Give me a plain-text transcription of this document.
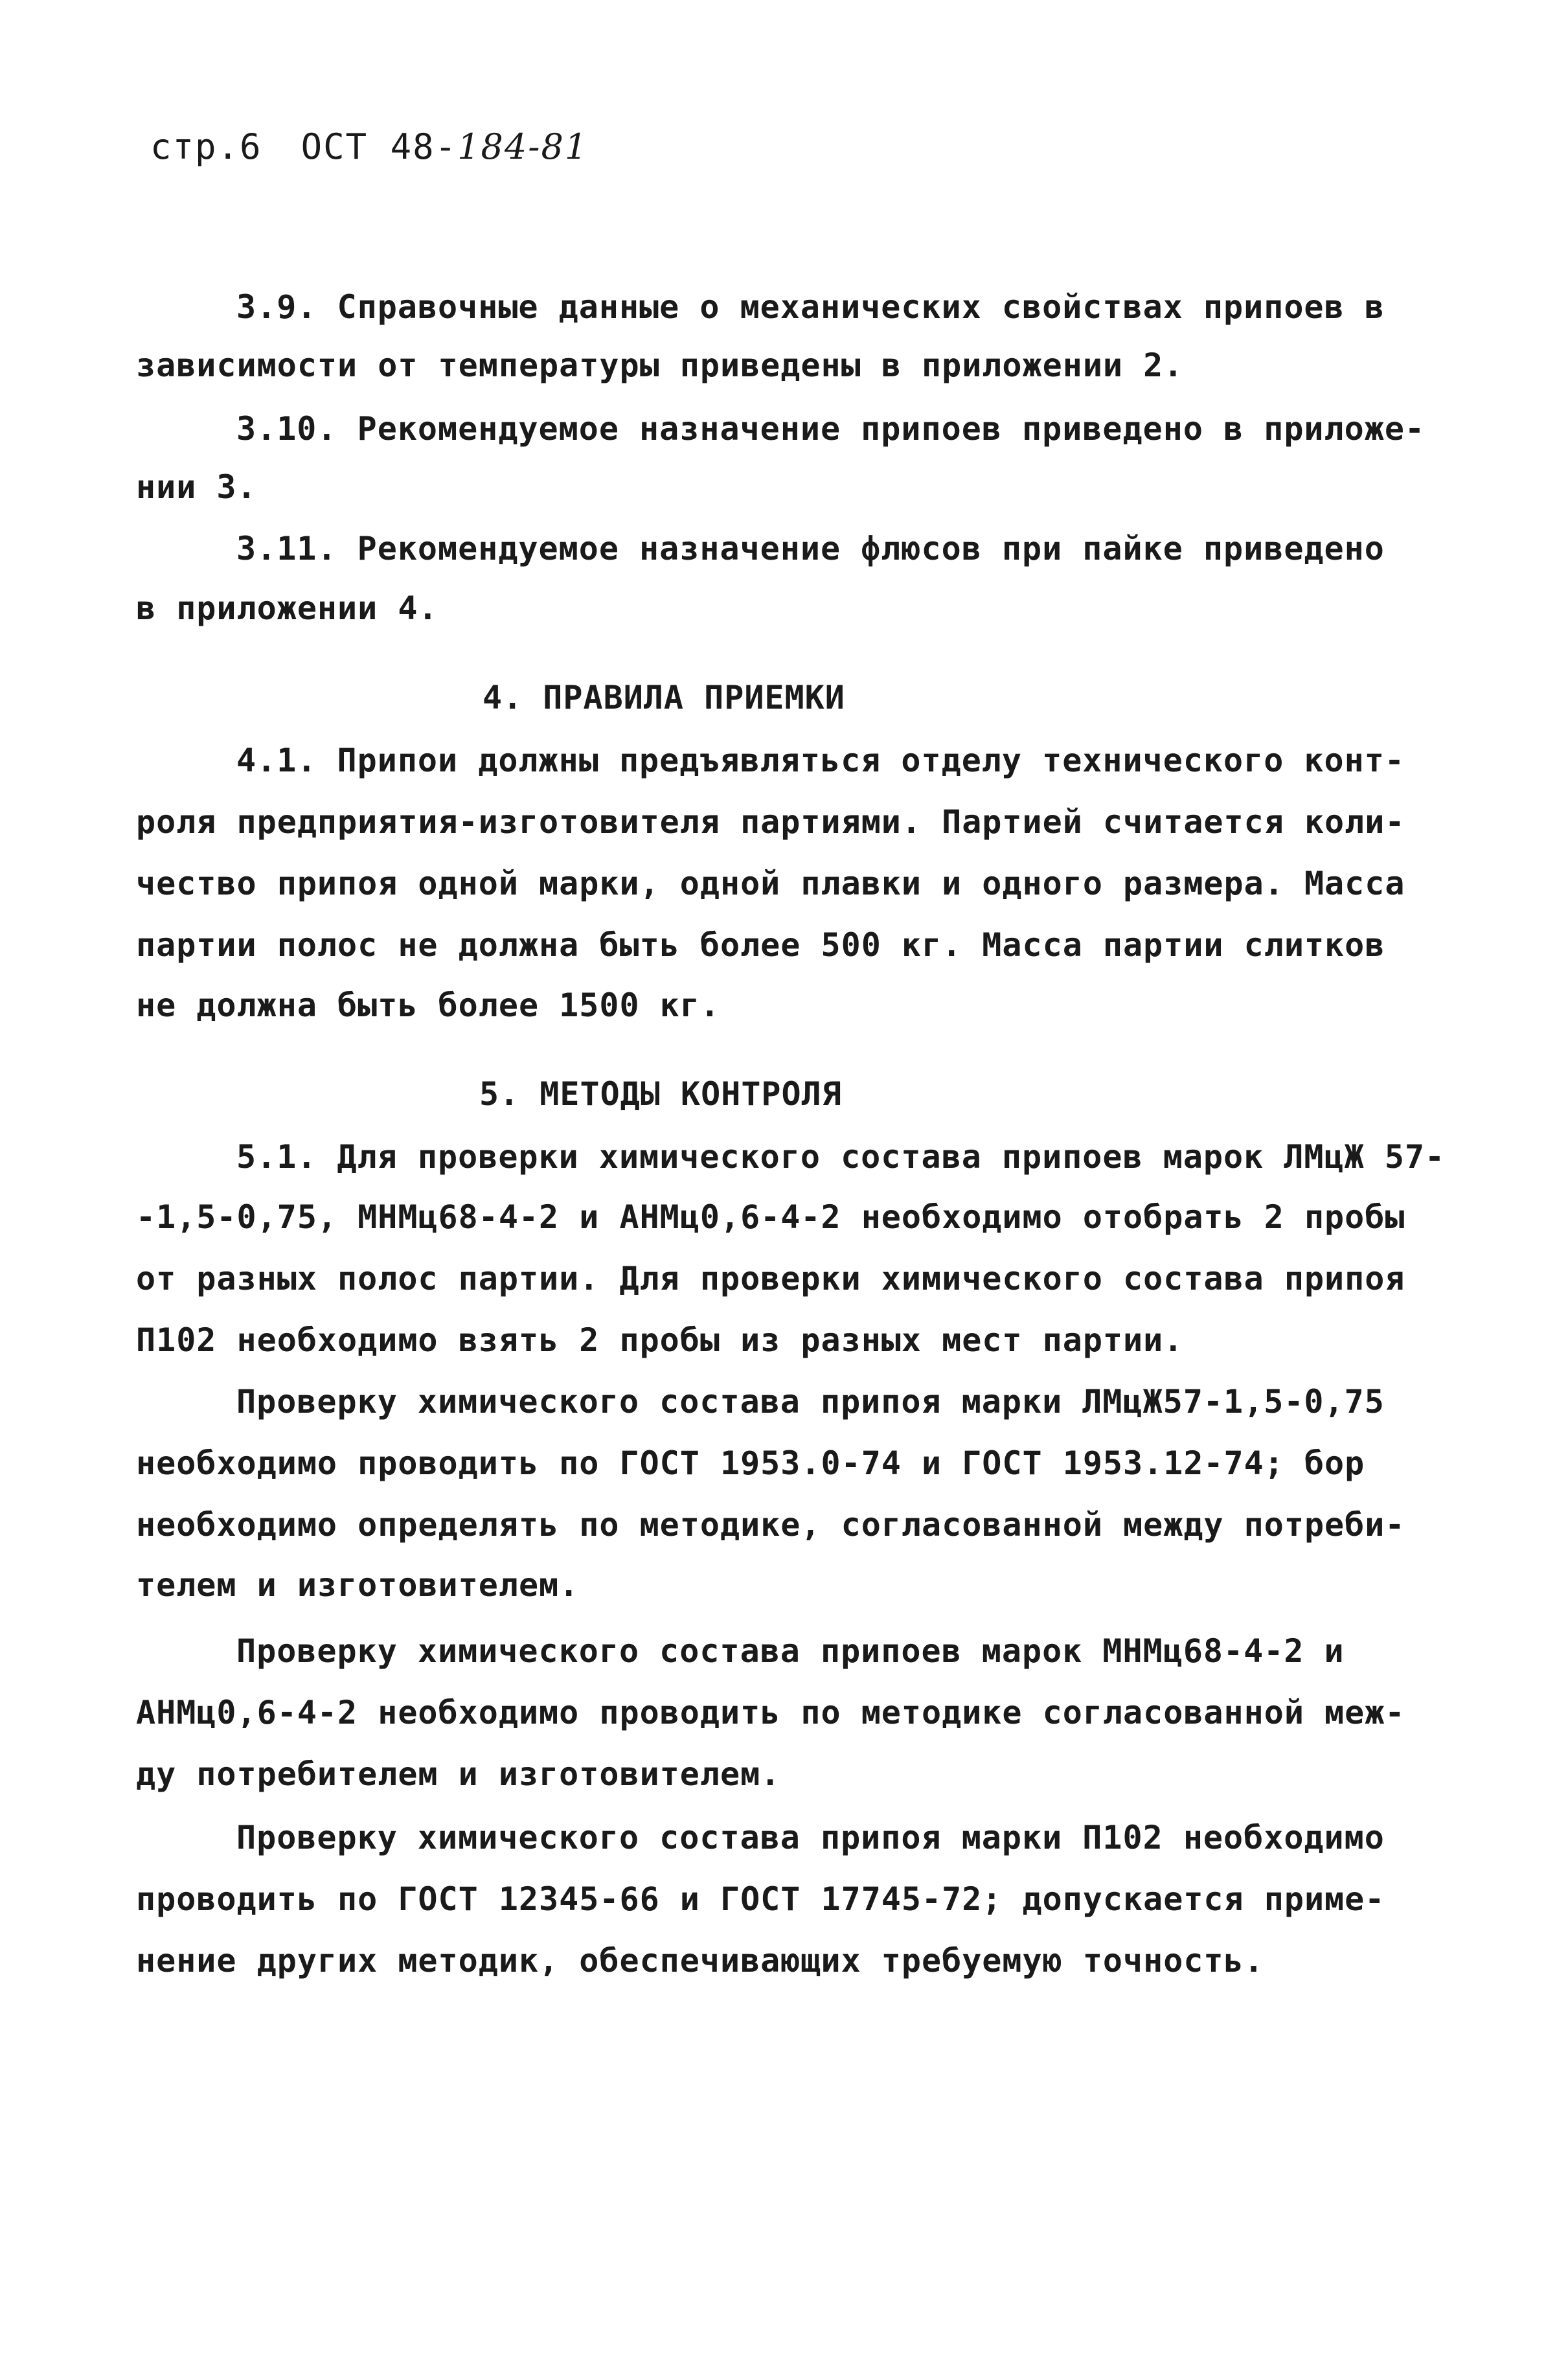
стр.6 ОСТ 48-184-81
3.9. Справочные данные о механических свойствах припоев в
зависимости от температуры приведены в приложении 2.
3.10. Рекомендуемое назначение припоев приведено в приложе-
нии 3.
3.11. Рекомендуемое назначение флюсов при пайке приведено
в приложении 4.
4. ПРАВИЛА ПРИЕМКИ
4.1. Припои должны предъявляться отделу технического конт-
роля предприятия-изготовителя партиями. Партией считается коли-
чество припоя одной марки, одной плавки и одного размера. Масса
партии полос не должна быть более 500 кг. Масса партии слитков
не должна быть более 1500 кг.
5. МЕТОДЫ КОНТРОЛЯ
5.1. Для проверки химического состава припоев марок ЛМцЖ 57-
-1,5-0,75, МНМц68-4-2 и АНМц0,6-4-2 необходимо отобрать 2 пробы
от разных полос партии. Для проверки химического состава припоя
П102 необходимо взять 2 пробы из разных мест партии.
Проверку химического состава припоя марки ЛМцЖ57-1,5-0,75
необходимо проводить по ГОСТ 1953.0-74 и ГОСТ 1953.12-74; бор
необходимо определять по методике, согласованной между потреби-
телем и изготовителем.
Проверку химического состава припоев марок МНМц68-4-2 и
АНМц0,6-4-2 необходимо проводить по методике согласованной меж-
ду потребителем и изготовителем.
Проверку химического состава припоя марки П102 необходимо
проводить по ГОСТ 12345-66 и ГОСТ 17745-72; допускается приме-
нение других методик, обеспечивающих требуемую точность.
